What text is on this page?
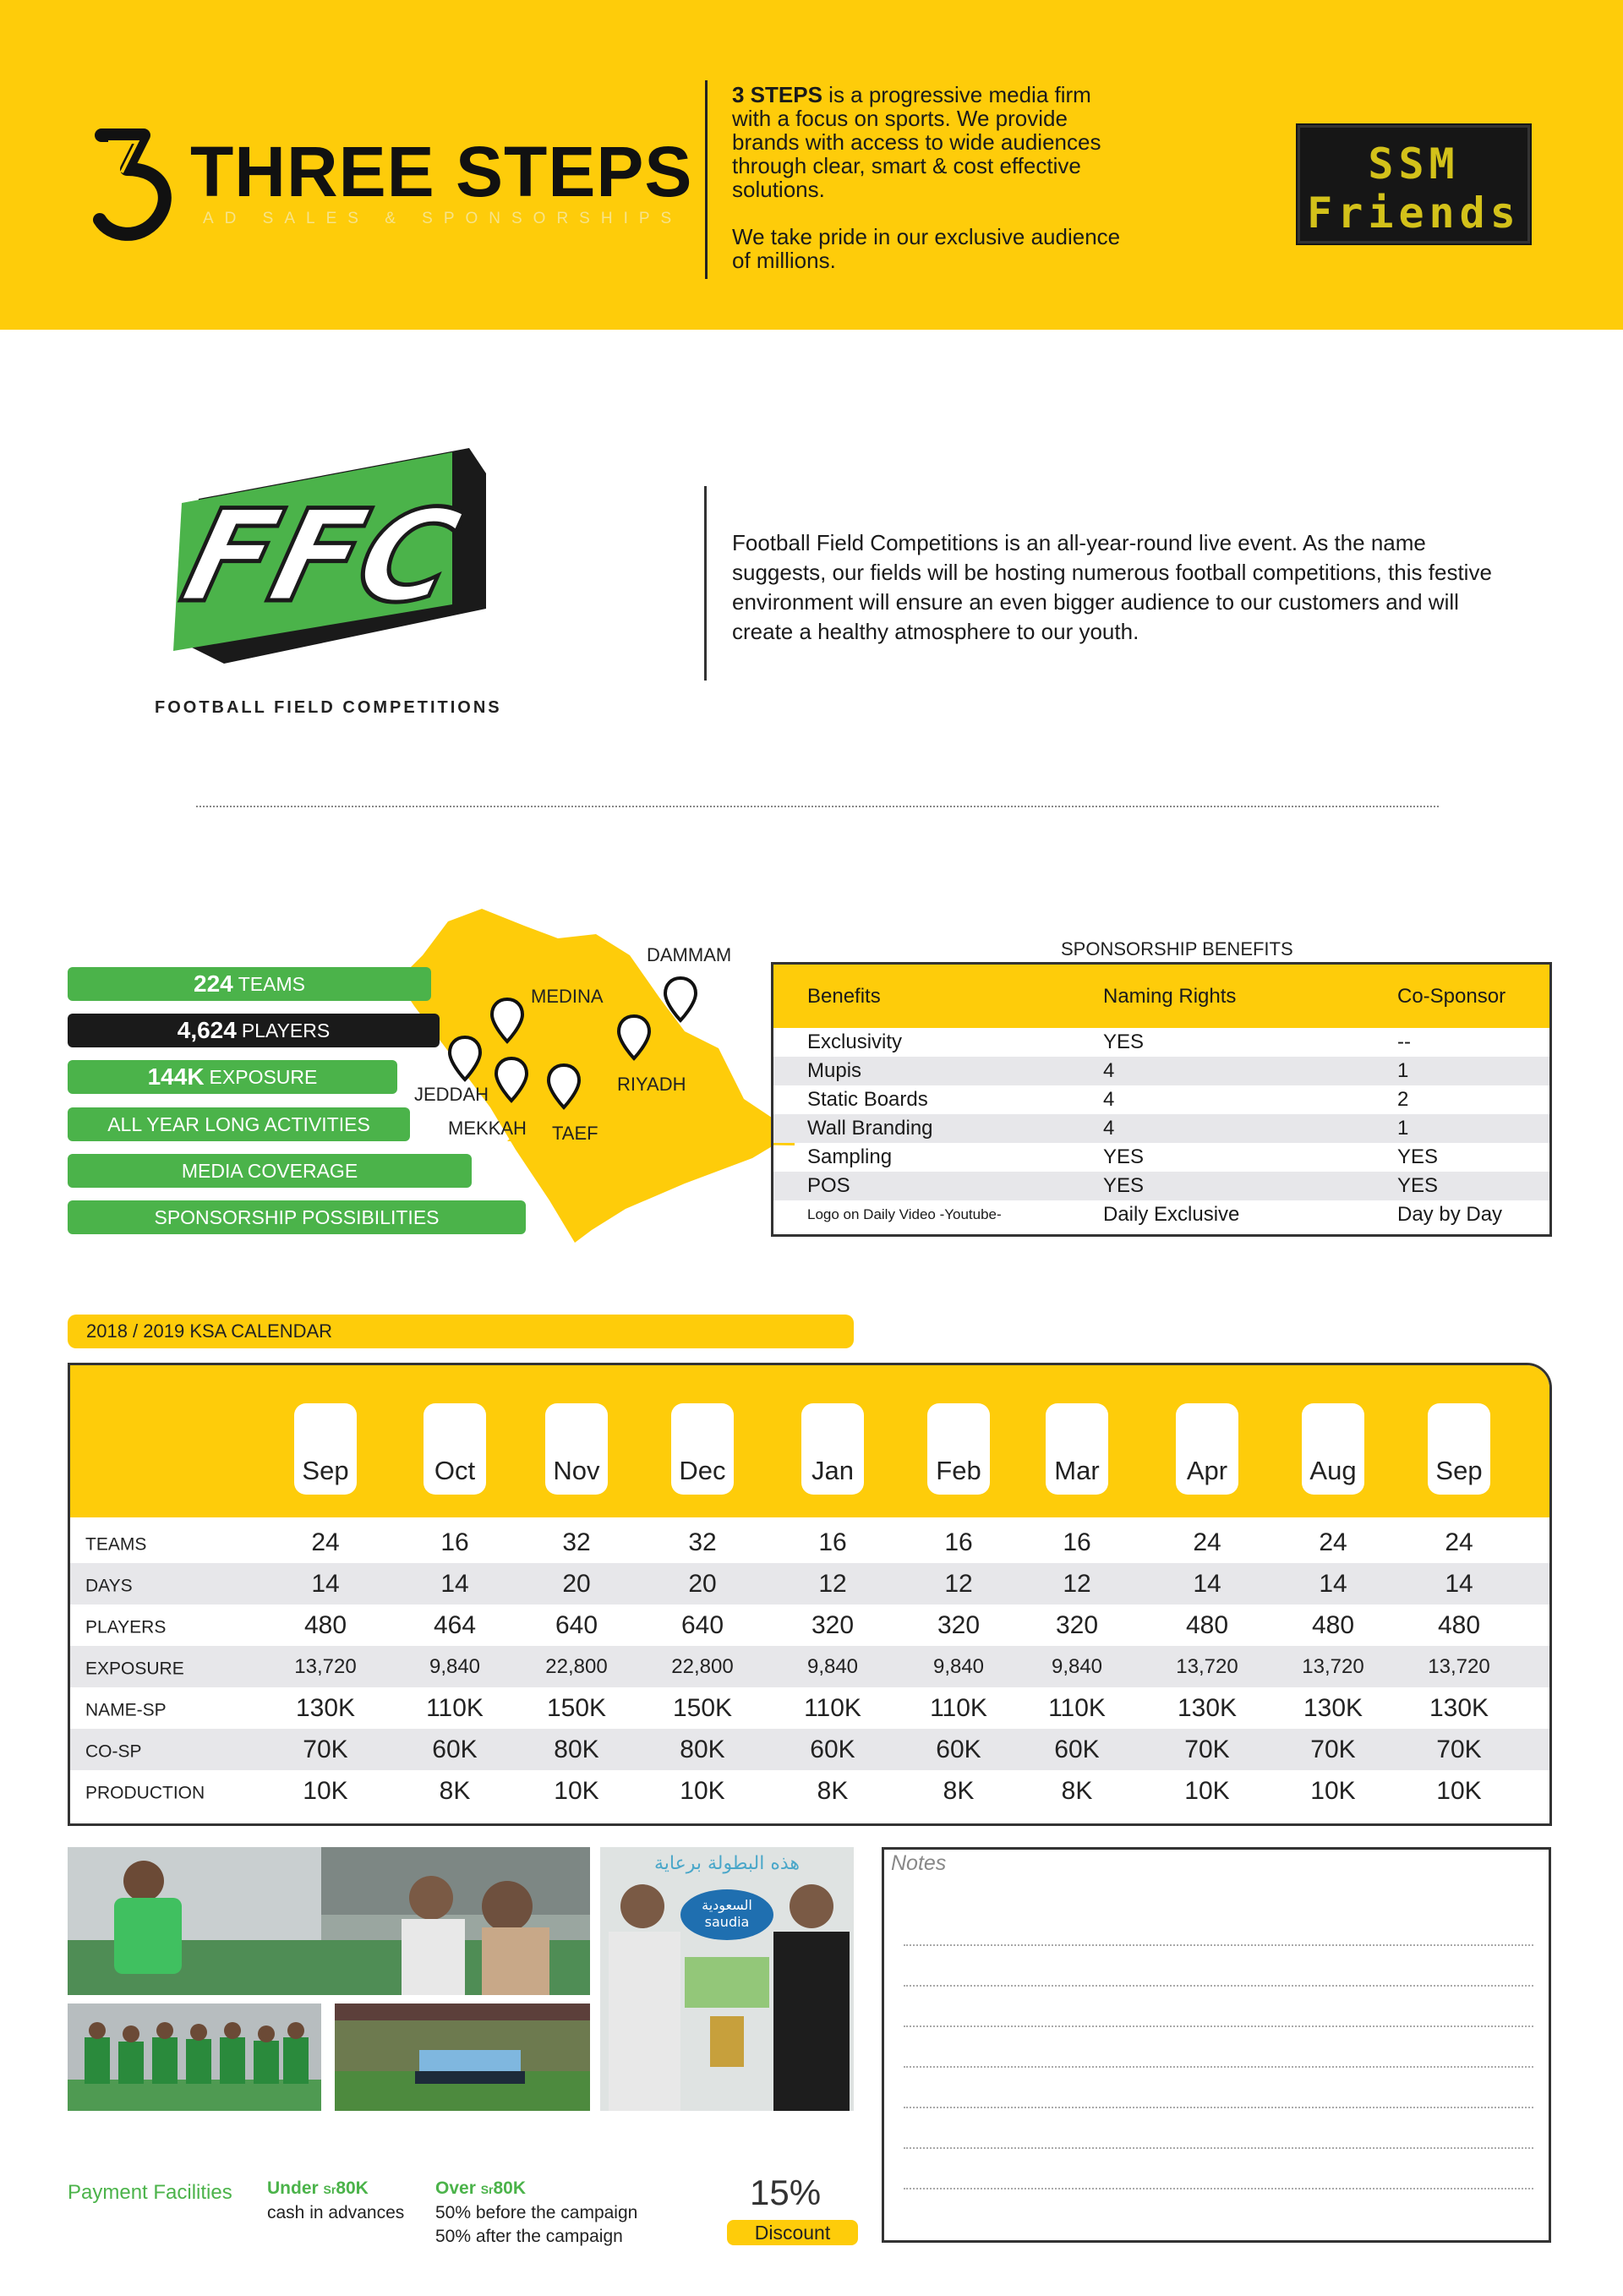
THREE STEPS
AD SALES & SPONSORSHIPS
3 STEPS is a progressive media firm with a focus on sports. We provide brands with access to wide audiences through clear, smart & cost effective solutions.
We take pride in our exclusive audience of millions.
SSM
Friends
FFC
FOOTBALL FIELD COMPETITIONS
Football Field Competitions is an all-year-round live event. As the name suggests, our fields will be hosting numerous football competitions, this festive environment will ensure an even bigger audience to our customers and will create a healthy atmosphere to our youth.
DAMMAM
MEDINA
RIYADH
JEDDAH
MEKKAH TAEF
224 TEAMS
4,624 PLAYERS
144K EXPOSURE
ALL YEAR LONG ACTIVITIES
MEDIA COVERAGE
SPONSORSHIP POSSIBILITIES
SPONSORSHIP BENEFITS
Benefits	Naming Rights	Co-Sponsor
Exclusivity	YES	--
Mupis	4	1
Static Boards	4	2
Wall Branding	4	1
Sampling	YES	YES
POS	YES	YES
Logo on Daily Video -Youtube-	Daily Exclusive	Day by Day
2018 / 2019 KSA CALENDAR
Sep	Oct	Nov	Dec	Jan	Feb	Mar	Apr	Aug	Sep
TEAMS	24	16	32	32	16	16	16	24	24	24
DAYS	14	14	20	20	12	12	12	14	14	14
PLAYERS	480	464	640	640	320	320	320	480	480	480
EXPOSURE	13,720	9,840	22,800	22,800	9,840	9,840	9,840	13,720	13,720	13,720
NAME-SP	130K	110K	150K	150K	110K	110K 110K	130K	130K	130K
CO-SP	70K	60K	80K	80K	60K	60K	60K	70K	70K	70K
PRODUCTION	10K	8K	10K	10K	8K	8K	8K	10K	10K	10K
هذه البطولة برعاية
السعودية
saudia
Notes
Payment Facilities Under Sr80K
cash in advances
Over Sr80K
50% before the campaign
50% after the campaign
15%
Discount
